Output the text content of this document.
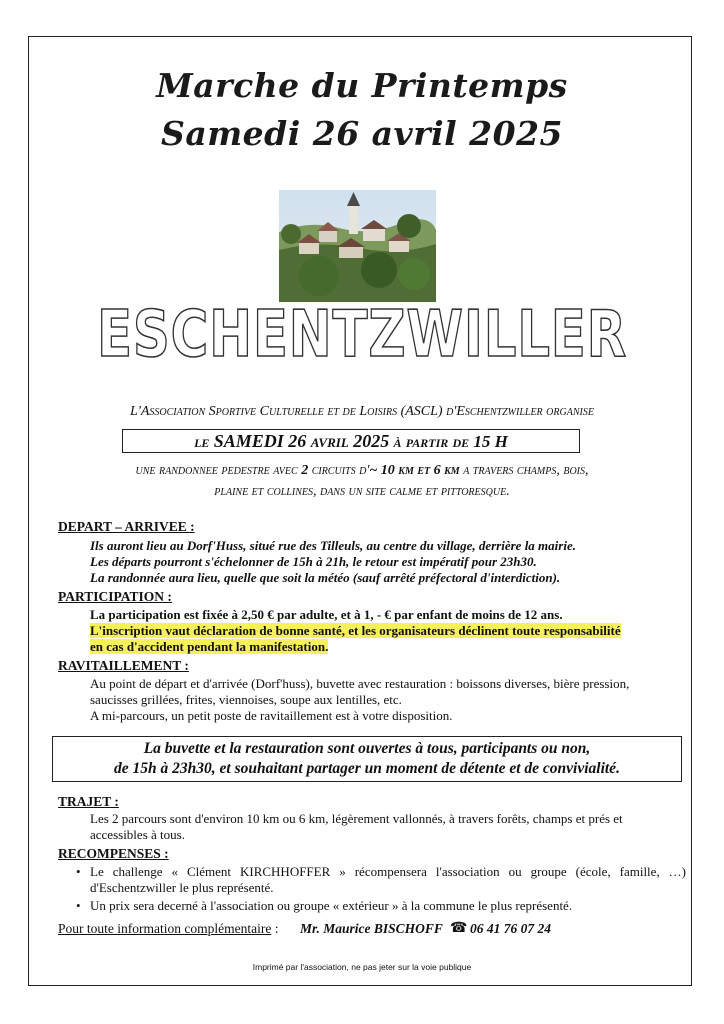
Marche du Printemps
Samedi 26 avril 2025
ESCHENTZWILLER
L'Association Sportive Culturelle et de Loisirs (ASCL) d'Eschentzwiller organise
le SAMEDI 26 avril 2025 à partir de 15 H
une randonnee pedestre avec 2 circuits d'~ 10 km et 6 km a travers champs, bois,
plaine et collines, dans un site calme et pittoresque.
DEPART – ARRIVEE :
Ils auront lieu au Dorf'Huss, situé rue des Tilleuls, au centre du village, derrière la mairie.
Les départs pourront s'échelonner de 15h à 21h, le retour est impératif pour 23h30.
La randonnée aura lieu, quelle que soit la météo (sauf arrêté préfectoral d'interdiction).
PARTICIPATION :
La participation est fixée à 2,50 € par adulte, et à 1, - € par enfant de moins de 12 ans.
L'inscription vaut déclaration de bonne santé, et les organisateurs déclinent toute responsabilité
en cas d'accident pendant la manifestation.
RAVITAILLEMENT :
Au point de départ et d'arrivée (Dorf'huss), buvette avec restauration : boissons diverses, bière pression,
saucisses grillées, frites, viennoises, soupe aux lentilles, etc.
A mi-parcours, un petit poste de ravitaillement est à votre disposition.
La buvette et la restauration sont ouvertes à tous, participants ou non,
de 15h à 23h30, et souhaitant partager un moment de détente et de convivialité.
TRAJET :
Les 2 parcours sont d'environ 10 km ou 6 km, légèrement vallonnés, à travers forêts, champs et prés et
accessibles à tous.
RECOMPENSES :
• Le challenge « Clément KIRCHHOFFER » récompensera l'association ou groupe (école, famille, …) d'Eschentzwiller le plus représenté.
• Un prix sera decerné à l'association ou groupe « extérieur » à la commune le plus représenté.
Pour toute information complémentaire : Mr. Maurice BISCHOFF ☎ 06 41 76 07 24
Imprimé par l'association, ne pas jeter sur la voie publique
